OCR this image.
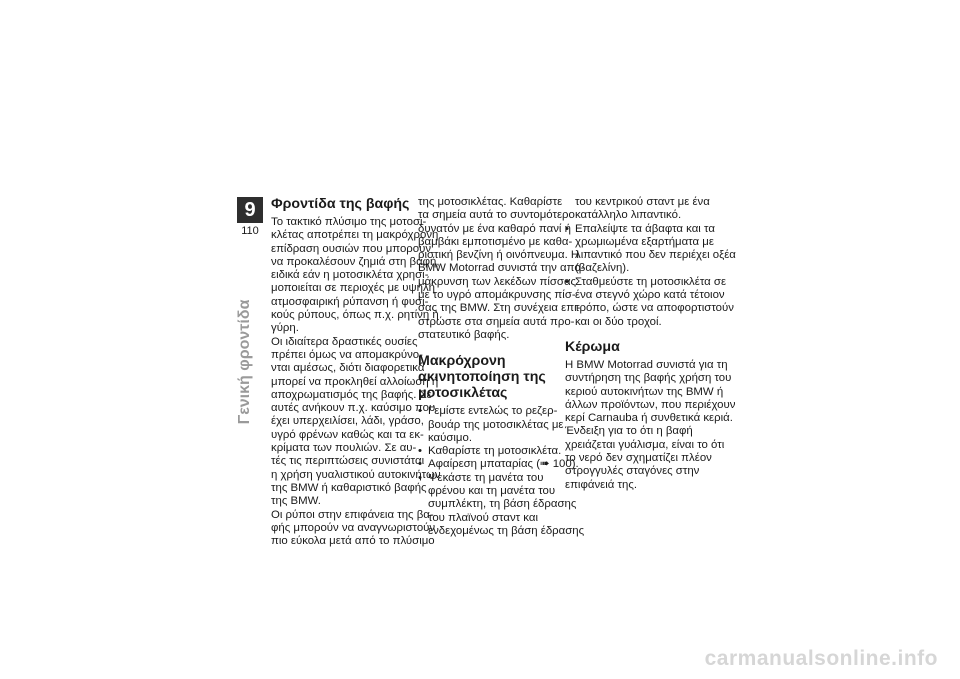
9
110
Γενική φροντίδα
Φροντίδα της βαφής
Το τακτικό πλύσιμο της μοτοσι-
κλέτας αποτρέπει τη μακρόχρονη
επίδραση ουσιών που μπορούν
να προκαλέσουν ζημιά στη βαφή,
ειδικά εάν η μοτοσικλέτα χρησι-
μοποιείται σε περιοχές με υψηλή
ατμοσφαιρική ρύπανση ή φυσι-
κούς ρύπους, όπως π.χ. ρητίνη ή
γύρη.
Οι ιδιαίτερα δραστικές ουσίες
πρέπει όμως να απομακρύνο-
νται αμέσως, διότι διαφορετικά
μπορεί να προκληθεί αλλοίωση ή
αποχρωματισμός της βαφής. Σε
αυτές ανήκουν π.χ. καύσιμο που
έχει υπερχειλίσει, λάδι, γράσο,
υγρό φρένων καθώς και τα εκ-
κρίματα των πουλιών. Σε αυ-
τές τις περιπτώσεις συνιστάται
η χρήση γυαλιστικού αυτοκινήτων
της BMW ή καθαριστικό βαφής
της BMW.
Οι ρύποι στην επιφάνεια της βα-
φής μπορούν να αναγνωριστούν
πιο εύκολα μετά από το πλύσιμο
της μοτοσικλέτας. Καθαρίστε
τα σημεία αυτά το συντομότερο
δυνατόν με ένα καθαρό πανί ή
βαμβάκι εμποτισμένο με καθα-
ριστική βενζίνη ή οινόπνευμα. Η
BMW Motorrad συνιστά την απο-
μάκρυνση των λεκέδων πίσσας
με το υγρό απομάκρυνσης πίσ-
σας της BMW. Στη συνέχεια επι-
στρώστε στα σημεία αυτά προ-
στατευτικό βαφής.
Μακρόχρονη
ακινητοποίηση της
μοτοσικλέτας
• Γεμίστε εντελώς το ρεζερ-
βουάρ της μοτοσικλέτας με
καύσιμο.
• Καθαρίστε τη μοτοσικλέτα.
• Αφαίρεση μπαταρίας (➠ 100).
• Ψεκάστε τη μανέτα του
φρένου και τη μανέτα του
συμπλέκτη, τη βάση έδρασης
του πλαϊνού σταντ και
ενδεχομένως τη βάση έδρασης
του κεντρικού σταντ με ένα
κατάλληλο λιπαντικό.
• Επαλείψτε τα άβαφτα και τα
χρωμιωμένα εξαρτήματα με
λιπαντικό που δεν περιέχει οξέα
(βαζελίνη).
• Σταθμεύστε τη μοτοσικλέτα σε
ένα στεγνό χώρο κατά τέτοιον
τρόπο, ώστε να αποφορτιστούν
και οι δύο τροχοί.
Κέρωμα
Η BMW Motorrad συνιστά για τη
συντήρηση της βαφής χρήση του
κεριού αυτοκινήτων της BMW ή
άλλων προϊόντων, που περιέχουν
κερί Carnauba ή συνθετικά κεριά.
Ένδειξη για το ότι η βαφή
χρειάζεται γυάλισμα, είναι το ότι
το νερό δεν σχηματίζει πλέον
στρογγυλές σταγόνες στην
επιφάνειά της.
carmanualsonline.info
